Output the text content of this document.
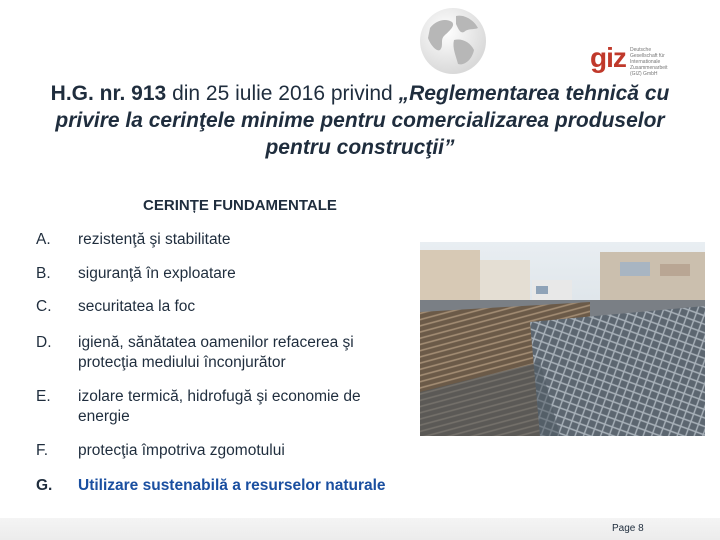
giz Deutsche Gesellschaft für Internationale Zusammenarbeit (GIZ) GmbH
H.G. nr. 913 din 25 iulie 2016 privind „Reglementarea tehnică cu privire la cerinţele minime pentru comercializarea produselor pentru construcţii”
CERINȚE FUNDAMENTALE
A.	rezistenţă şi stabilitate
B.	siguranţă în exploatare
C.	securitatea la foc
D.	igienă, sănătatea oamenilor refacerea şi protecţia mediului înconjurător
E.	izolare termică, hidrofugă şi economie de energie
F.	protecţia împotriva zgomotului
G.	Utilizare sustenabilă a resurselor naturale
Page 8
